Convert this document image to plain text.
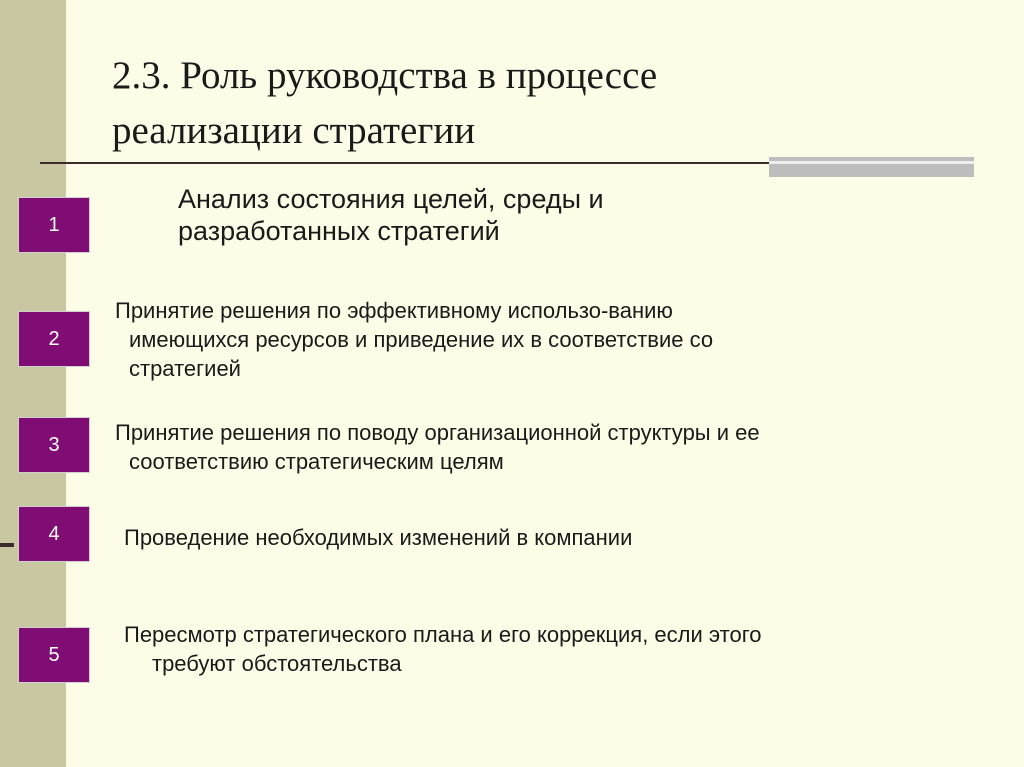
2.3. Роль руководства в процессе
реализации стратегии
1

Анализ состояния целей, среды и
разработанных стратегий

2

Принятие решения по эффективному использо-ванию
имеющихся ресурсов и приведение их в соответствие со
стратегией

3	Принятие решения по поводу организационной структуры и ее
соответствию стратегическим целям

4	Проведение необходимых изменений в компании

5

Пересмотр стратегического плана и его коррекция, если этого
требуют обстоятельства
